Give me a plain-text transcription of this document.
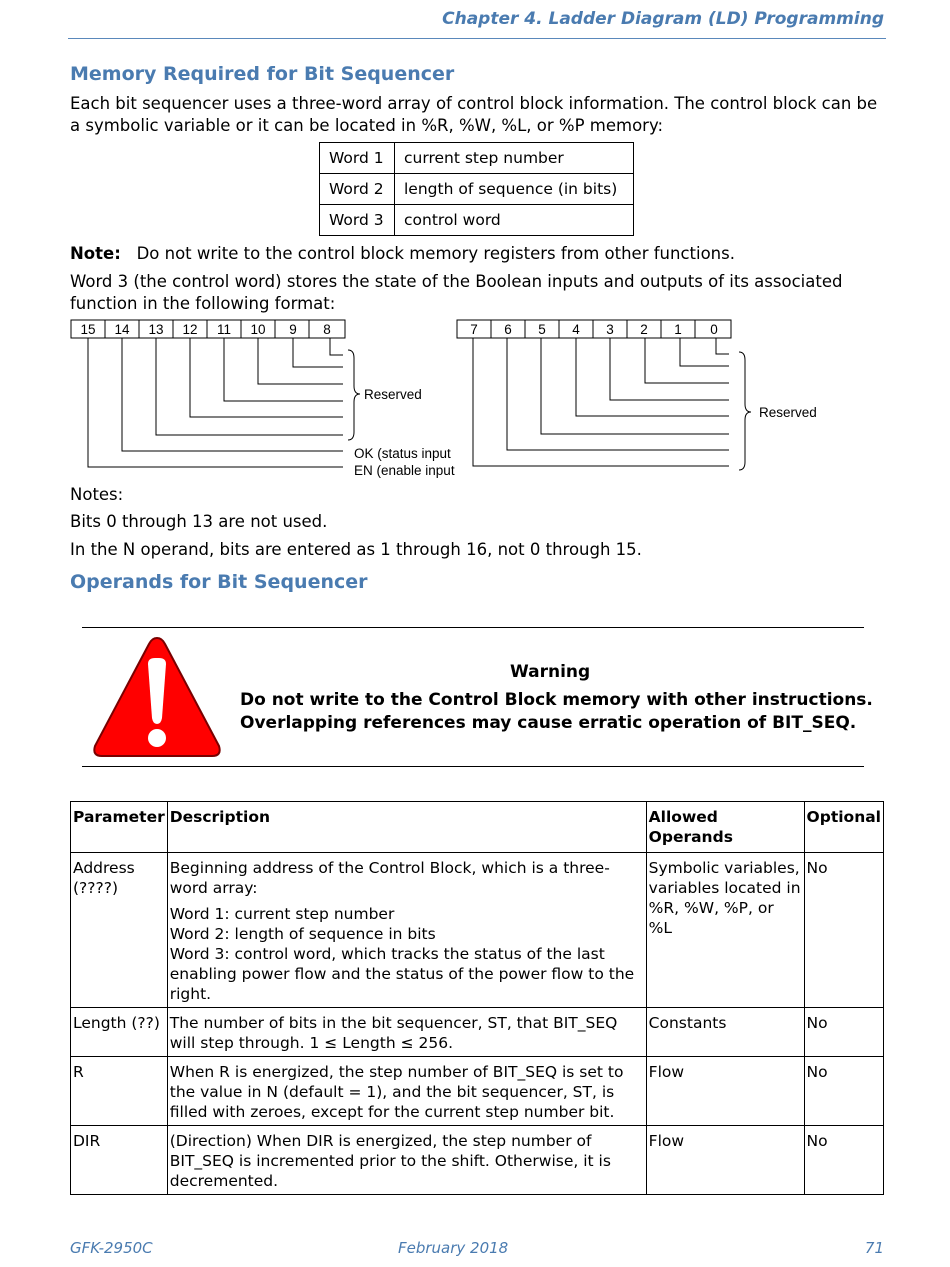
Chapter 4. Ladder Diagram (LD) Programming
Memory Required for Bit Sequencer

Each bit sequencer uses a three-word array of control block information. The control block can be a symbolic variable or it can be located in %R, %W, %L, or %P memory:

Word 1	current step number
Word 2	length of sequence (in bits)
Word 3	control word

Note: Do not write to the control block memory registers from other functions.

Word 3 (the control word) stores the state of the Boolean inputs and outputs of its associated function in the following format:

15 14 13 12 11 10 9 8
Reserved
OK (status input
EN (enable input
7 6 5 4 3 2 1 0
Reserved

Notes:

Bits 0 through 13 are not used.

In the N operand, bits are entered as 1 through 16, not 0 through 15.

Operands for Bit Sequencer
Warning
Do not write to the Control Block memory with other instructions.
Overlapping references may cause erratic operation of BIT_SEQ.
Parameter	Description	Allowed Operands	Optional
Address (????)	Beginning address of the Control Block, which is a three-word array:
Word 1: current step number
Word 2: length of sequence in bits
Word 3: control word, which tracks the status of the last enabling power flow and the status of the power flow to the right.	Symbolic variables, variables located in %R, %W, %P, or %L	No
Length (??)	The number of bits in the bit sequencer, ST, that BIT_SEQ will step through. 1 ≤ Length ≤ 256.	Constants	No
R	When R is energized, the step number of BIT_SEQ is set to the value in N (default = 1), and the bit sequencer, ST, is filled with zeroes, except for the current step number bit.	Flow	No
DIR	(Direction) When DIR is energized, the step number of BIT_SEQ is incremented prior to the shift. Otherwise, it is decremented.	Flow	No
GFK-2950C	February 2018	71
